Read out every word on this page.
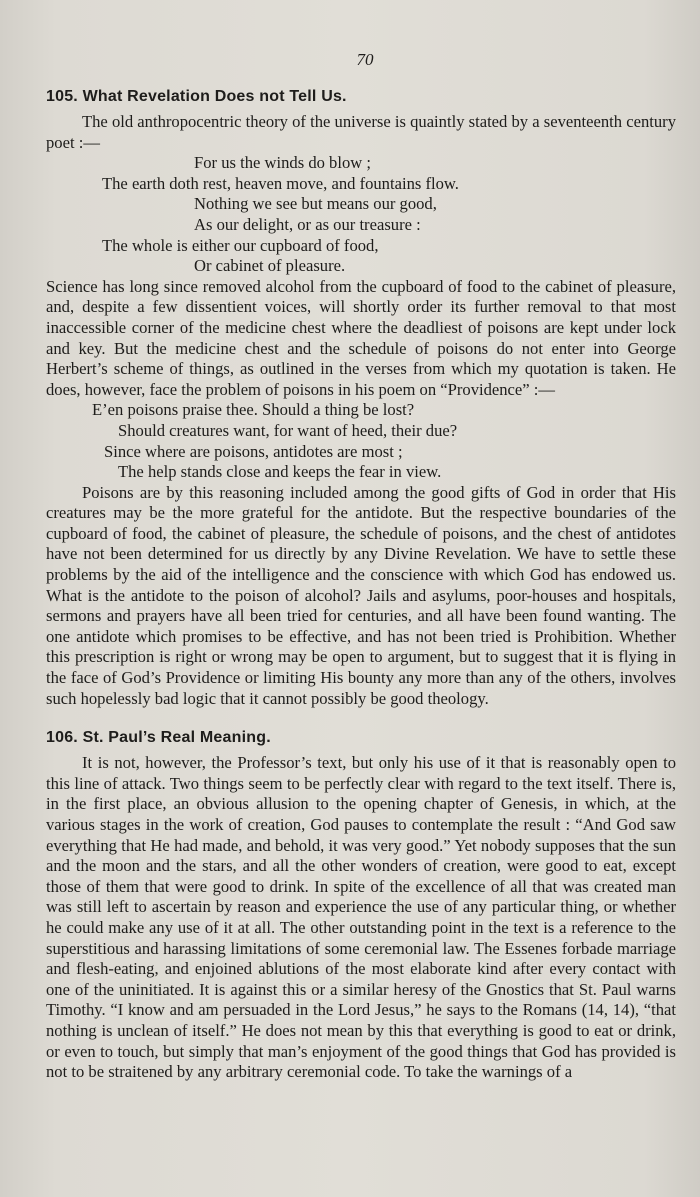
70
105. What Revelation Does not Tell Us.

The old anthropocentric theory of the universe is quaintly stated by a seventeenth century poet :—

For us the winds do blow ;
The earth doth rest, heaven move, and fountains flow.
Nothing we see but means our good,
As our delight, or as our treasure :
The whole is either our cupboard of food,
Or cabinet of pleasure.

Science has long since removed alcohol from the cupboard of food to the cabinet of pleasure, and, despite a few dissentient voices, will shortly order its further removal to that most inaccessible corner of the medicine chest where the deadliest of poisons are kept under lock and key. But the medicine chest and the schedule of poisons do not enter into George Herbert’s scheme of things, as outlined in the verses from which my quotation is taken. He does, however, face the problem of poisons in his poem on “Providence” :—

E’en poisons praise thee. Should a thing be lost?
Should creatures want, for want of heed, their due?
Since where are poisons, antidotes are most ;
The help stands close and keeps the fear in view.

Poisons are by this reasoning included among the good gifts of God in order that His creatures may be the more grateful for the antidote. But the respective boundaries of the cupboard of food, the cabinet of pleasure, the schedule of poisons, and the chest of antidotes have not been determined for us directly by any Divine Revelation. We have to settle these problems by the aid of the intelligence and the conscience with which God has endowed us. What is the antidote to the poison of alcohol? Jails and asylums, poor-houses and hospitals, sermons and prayers have all been tried for centuries, and all have been found wanting. The one antidote which promises to be effective, and has not been tried is Prohibition. Whether this prescription is right or wrong may be open to argument, but to suggest that it is flying in the face of God’s Providence or limiting His bounty any more than any of the others, involves such hopelessly bad logic that it cannot possibly be good theology.

106. St. Paul’s Real Meaning.

It is not, however, the Professor’s text, but only his use of it that is reasonably open to this line of attack. Two things seem to be perfectly clear with regard to the text itself. There is, in the first place, an obvious allusion to the opening chapter of Genesis, in which, at the various stages in the work of creation, God pauses to contemplate the result : “And God saw everything that He had made, and behold, it was very good.” Yet nobody supposes that the sun and the moon and the stars, and all the other wonders of creation, were good to eat, except those of them that were good to drink. In spite of the excellence of all that was created man was still left to ascertain by reason and experience the use of any particular thing, or whether he could make any use of it at all. The other outstanding point in the text is a reference to the superstitious and harassing limitations of some ceremonial law. The Essenes forbade marriage and flesh-eating, and enjoined ablutions of the most elaborate kind after every contact with one of the uninitiated. It is against this or a similar heresy of the Gnostics that St. Paul warns Timothy. “I know and am persuaded in the Lord Jesus,” he says to the Romans (14, 14), “that nothing is unclean of itself.” He does not mean by this that everything is good to eat or drink, or even to touch, but simply that man’s enjoyment of the good things that God has provided is not to be straitened by any arbitrary ceremonial code. To take the warnings of a
